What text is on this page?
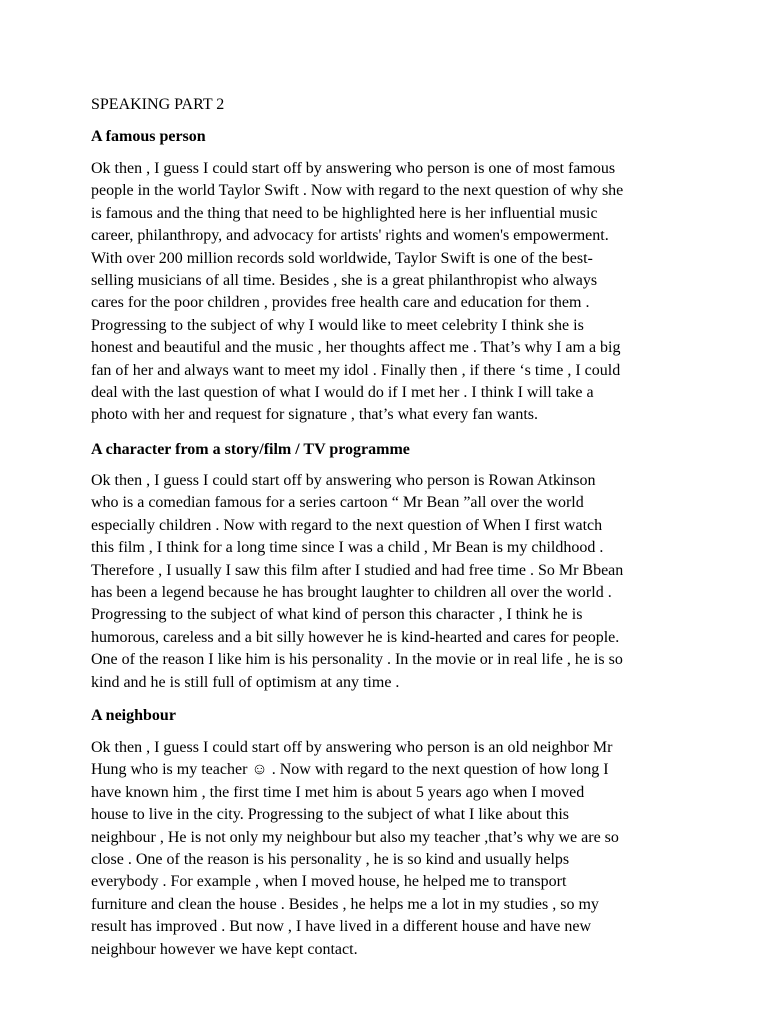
SPEAKING PART 2
A famous person
Ok then , I guess I could start off by answering who person is one of most famous
people in the world Taylor Swift . Now with regard to the next question of why she
is famous and the thing that need to be highlighted here is her influential music
career, philanthropy, and advocacy for artists' rights and women's empowerment.
With over 200 million records sold worldwide, Taylor Swift is one of the best-
selling musicians of all time. Besides , she is a great philanthropist who always
cares for the poor children , provides free health care and education for them .
Progressing to the subject of why I would like to meet celebrity I think she is
honest and beautiful and the music , her thoughts affect me . That’s why I am a big
fan of her and always want to meet my idol . Finally then , if there ‘s time , I could
deal with the last question of what I would do if I met her . I think I will take a
photo with her and request for signature , that’s what every fan wants.
A character from a story/film / TV programme
Ok then , I guess I could start off by answering who person is Rowan Atkinson
who is a comedian famous for a series cartoon “ Mr Bean ”all over the world
especially children . Now with regard to the next question of When I first watch
this film , I think for a long time since I was a child , Mr Bean is my childhood .
Therefore , I usually I saw this film after I studied and had free time . So Mr Bbean
has been a legend because he has brought laughter to children all over the world .
Progressing to the subject of what kind of person this character , I think he is
humorous, careless and a bit silly however he is kind-hearted and cares for people.
One of the reason I like him is his personality . In the movie or in real life , he is so
kind and he is still full of optimism at any time .
A neighbour
Ok then , I guess I could start off by answering who person is an old neighbor Mr
Hung who is my teacher ☺ . Now with regard to the next question of how long I
have known him , the first time I met him is about 5 years ago when I moved
house to live in the city. Progressing to the subject of what I like about this
neighbour , He is not only my neighbour but also my teacher ,that’s why we are so
close . One of the reason is his personality , he is so kind and usually helps
everybody . For example , when I moved house, he helped me to transport
furniture and clean the house . Besides , he helps me a lot in my studies , so my
result has improved . But now , I have lived in a different house and have new
neighbour however we have kept contact.
